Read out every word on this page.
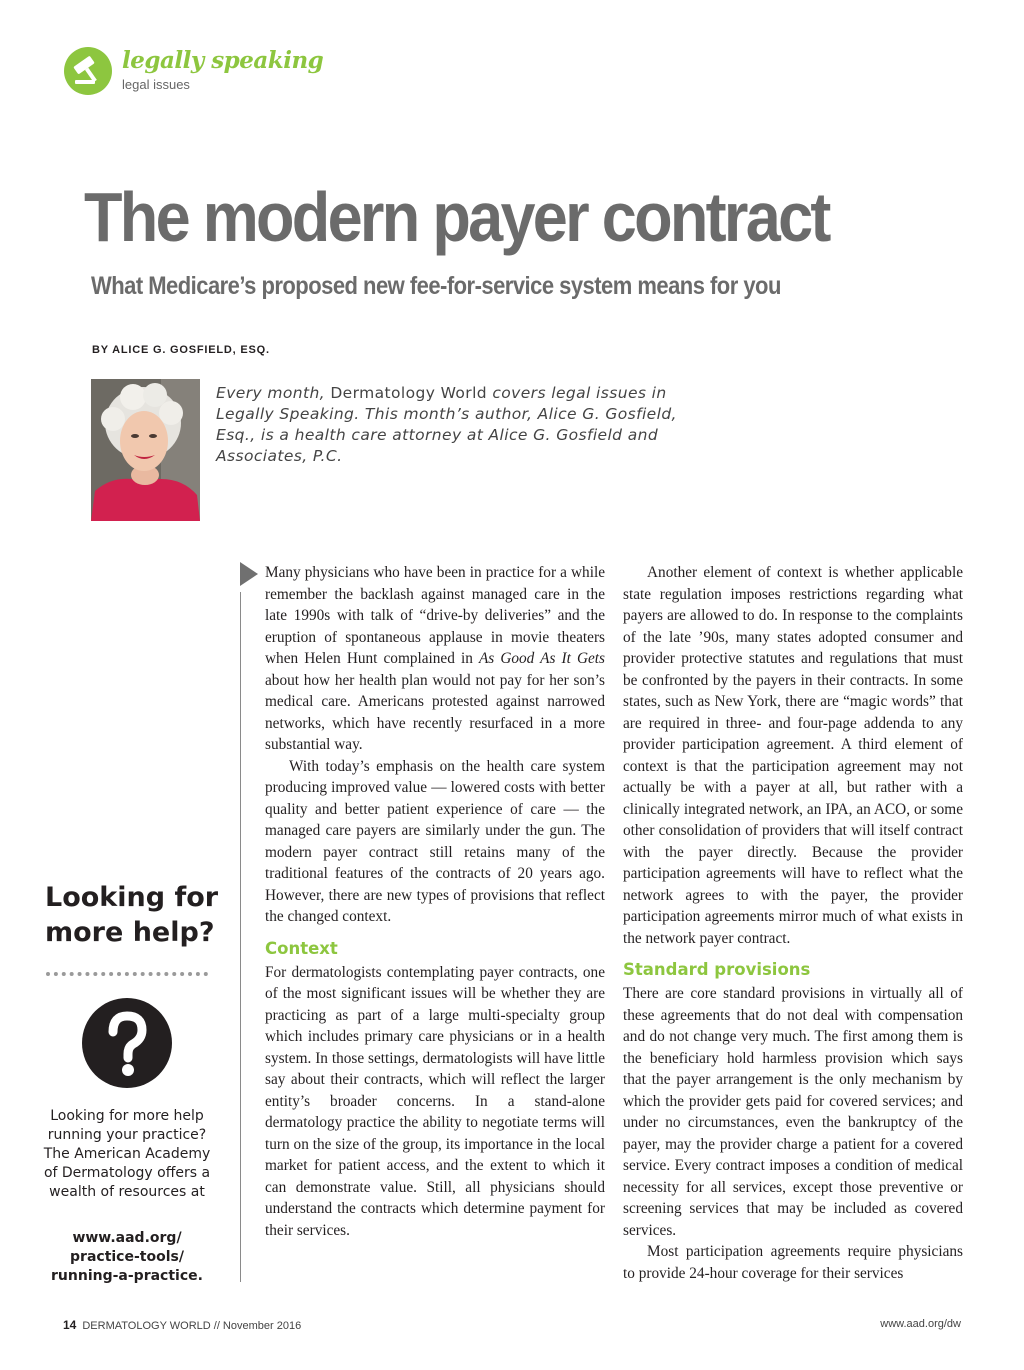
legally speaking
legal issues
The modern payer contract
What Medicare’s proposed new fee-for-service system means for you
BY ALICE G. GOSFIELD, ESQ.
Every month, Dermatology World covers legal issues in Legally Speaking. This month’s author, Alice G. Gosfield, Esq., is a health care attorney at Alice G. Gosfield and Associates, P.C.
Looking for more help?
Looking for more help running your practice? The American Academy of Dermatology offers a wealth of resources at
www.aad.org/ practice-tools/ running-a-practice.

Many physicians who have been in practice for a while remember the backlash against managed care in the late 1990s with talk of “drive-by deliveries” and the eruption of spontaneous applause in movie theaters when Helen Hunt complained in As Good As It Gets about how her health plan would not pay for her son’s medical care. Americans protested against narrowed networks, which have recently resurfaced in a more substantial way.

With today’s emphasis on the health care system producing improved value — lowered costs with better quality and better patient experience of care — the managed care payers are similarly under the gun. The modern payer contract still retains many of the traditional features of the contracts of 20 years ago. However, there are new types of provisions that reflect the changed context.

Context

For dermatologists contemplating payer contracts, one of the most significant issues will be whether they are practicing as part of a large multi-specialty group which includes primary care physicians or in a health system. In those settings, dermatologists will have little say about their contracts, which will reflect the larger entity’s broader concerns. In a stand-alone dermatology practice the ability to negotiate terms will turn on the size of the group, its importance in the local market for patient access, and the extent to which it can demonstrate value. Still, all physicians should understand the contracts which determine payment for their services.

Another element of context is whether applicable state regulation imposes restrictions regarding what payers are allowed to do. In response to the complaints of the late ’90s, many states adopted consumer and provider protective statutes and regulations that must be confronted by the payers in their contracts. In some states, such as New York, there are “magic words” that are required in three- and four-page addenda to any provider participation agreement. A third element of context is that the participation agreement may not actually be with a payer at all, but rather with a clinically integrated network, an IPA, an ACO, or some other consolidation of providers that will itself contract with the payer directly. Because the provider participation agreements will have to reflect what the network agrees to with the payer, the provider participation agreements mirror much of what exists in the network payer contract.

Standard provisions

There are core standard provisions in virtually all of these agreements that do not deal with compensation and do not change very much. The first among them is the beneficiary hold harmless provision which says that the payer arrangement is the only mechanism by which the provider gets paid for covered services; and under no circumstances, even the bankruptcy of the payer, may the provider charge a patient for a covered service. Every contract imposes a condition of medical necessity for all services, except those preventive or screening services that may be included as covered services.

Most participation agreements require physicians to provide 24-hour coverage for their services

14 DERMATOLOGY WORLD // November 2016	www.aad.org/dw
